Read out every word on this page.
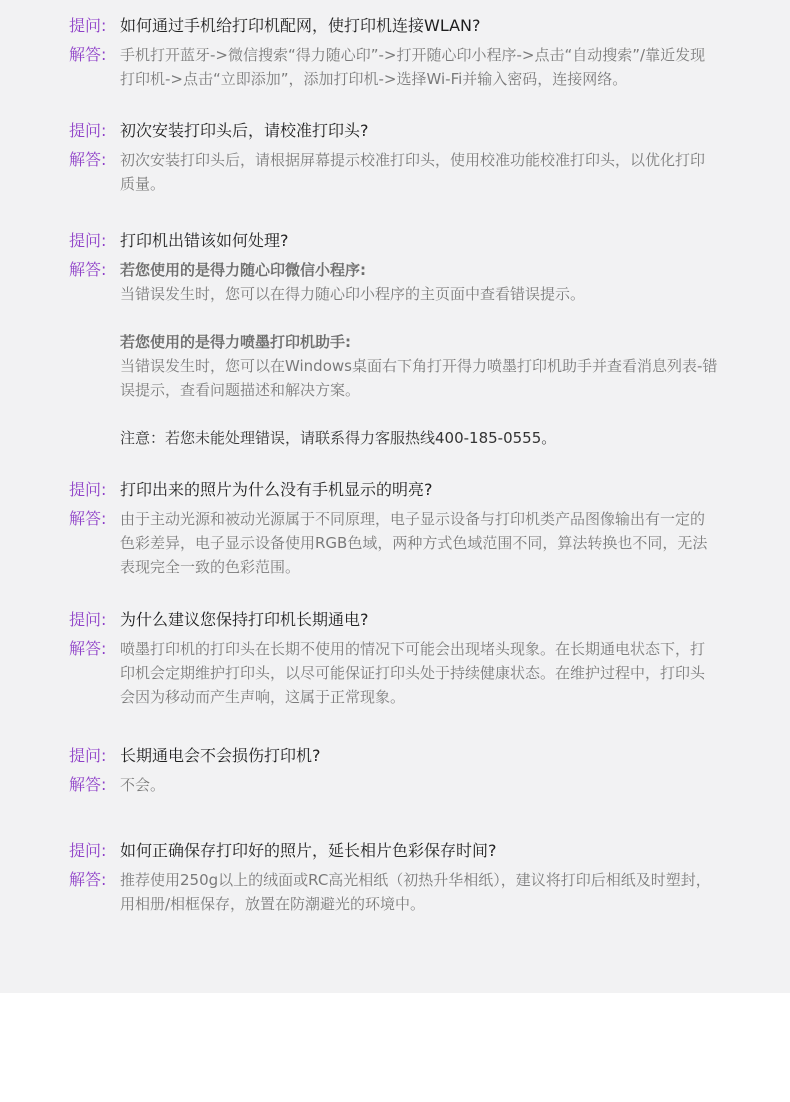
提问: 如何通过手机给打印机配网，使打印机连接WLAN?
解答: 手机打开蓝牙->微信搜索“得力随心印”->打开随心印小程序->点击“自动搜索”/靠近发现

打印机->点击“立即添加”，添加打印机->选择Wi-Fi并输入密码，连接网络。

提问: 初次安装打印头后，请校准打印头?
解答: 初次安装打印头后，请根据屏幕提示校准打印头，使用校准功能校准打印头，以优化打印

质量。

提问: 打印机出错该如何处理?
解答: 若您使用的是得力随心印微信小程序:

当错误发生时，您可以在得力随心印小程序的主页面中查看错误提示。

若您使用的是得力喷墨打印机助手:

当错误发生时，您可以在Windows桌面右下角打开得力喷墨打印机助手并查看消息列表-错

误提示，查看问题描述和解决方案。

注意：若您未能处理错误，请联系得力客服热线400-185-0555。

提问: 打印出来的照片为什么没有手机显示的明亮?
解答: 由于主动光源和被动光源属于不同原理，电子显示设备与打印机类产品图像输出有一定的

色彩差异，电子显示设备使用RGB色域，两种方式色域范围不同，算法转换也不同，无法

表现完全一致的色彩范围。

提问: 为什么建议您保持打印机长期通电?
解答: 喷墨打印机的打印头在长期不使用的情况下可能会出现堵头现象。在长期通电状态下，打

印机会定期维护打印头，以尽可能保证打印头处于持续健康状态。在维护过程中，打印头

会因为移动而产生声响，这属于正常现象。

提问: 长期通电会不会损伤打印机?
解答: 不会。

提问: 如何正确保存打印好的照片，延长相片色彩保存时间?
解答: 推荐使用250g以上的绒面或RC高光相纸（初热升华相纸），建议将打印后相纸及时塑封，

用相册/相框保存，放置在防潮避光的环境中。
